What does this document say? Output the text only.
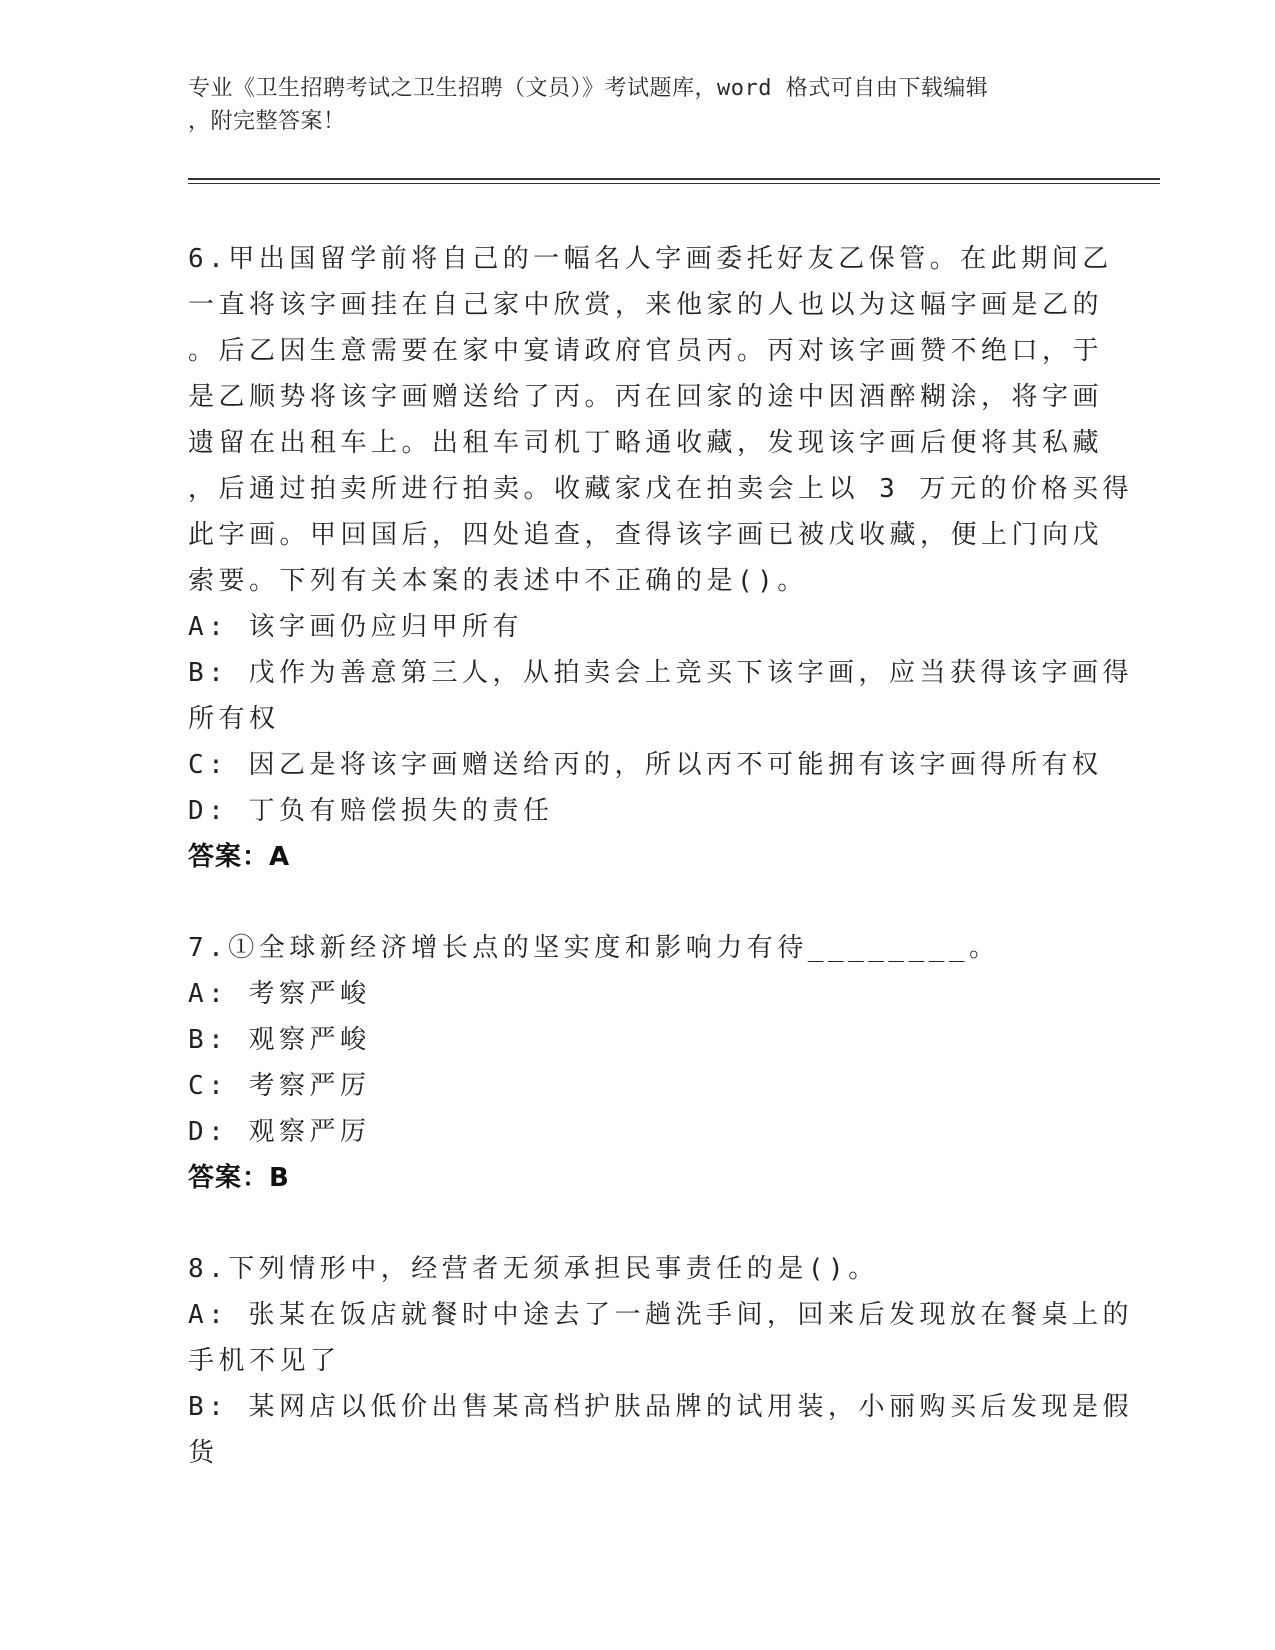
专业《卫生招聘考试之卫生招聘（文员）》考试题库，word 格式可自由下载编辑
，附完整答案！
6.甲出国留学前将自己的一幅名人字画委托好友乙保管。在此期间乙
一直将该字画挂在自己家中欣赏，来他家的人也以为这幅字画是乙的
。后乙因生意需要在家中宴请政府官员丙。丙对该字画赞不绝口，于
是乙顺势将该字画赠送给了丙。丙在回家的途中因酒醉糊涂，将字画
遗留在出租车上。出租车司机丁略通收藏，发现该字画后便将其私藏
，后通过拍卖所进行拍卖。收藏家戊在拍卖会上以 3 万元的价格买得
此字画。甲回国后，四处追查，查得该字画已被戊收藏，便上门向戊
索要。下列有关本案的表述中不正确的是()。
A: 该字画仍应归甲所有
B: 戊作为善意第三人，从拍卖会上竞买下该字画，应当获得该字画得
所有权
C: 因乙是将该字画赠送给丙的，所以丙不可能拥有该字画得所有权
D: 丁负有赔偿损失的责任
答案：A
7.①全球新经济增长点的坚实度和影响力有待________。
A: 考察严峻
B: 观察严峻
C: 考察严厉
D: 观察严厉
答案：B
8.下列情形中，经营者无须承担民事责任的是()。
A: 张某在饭店就餐时中途去了一趟洗手间，回来后发现放在餐桌上的
手机不见了
B: 某网店以低价出售某高档护肤品牌的试用装，小丽购买后发现是假
货
